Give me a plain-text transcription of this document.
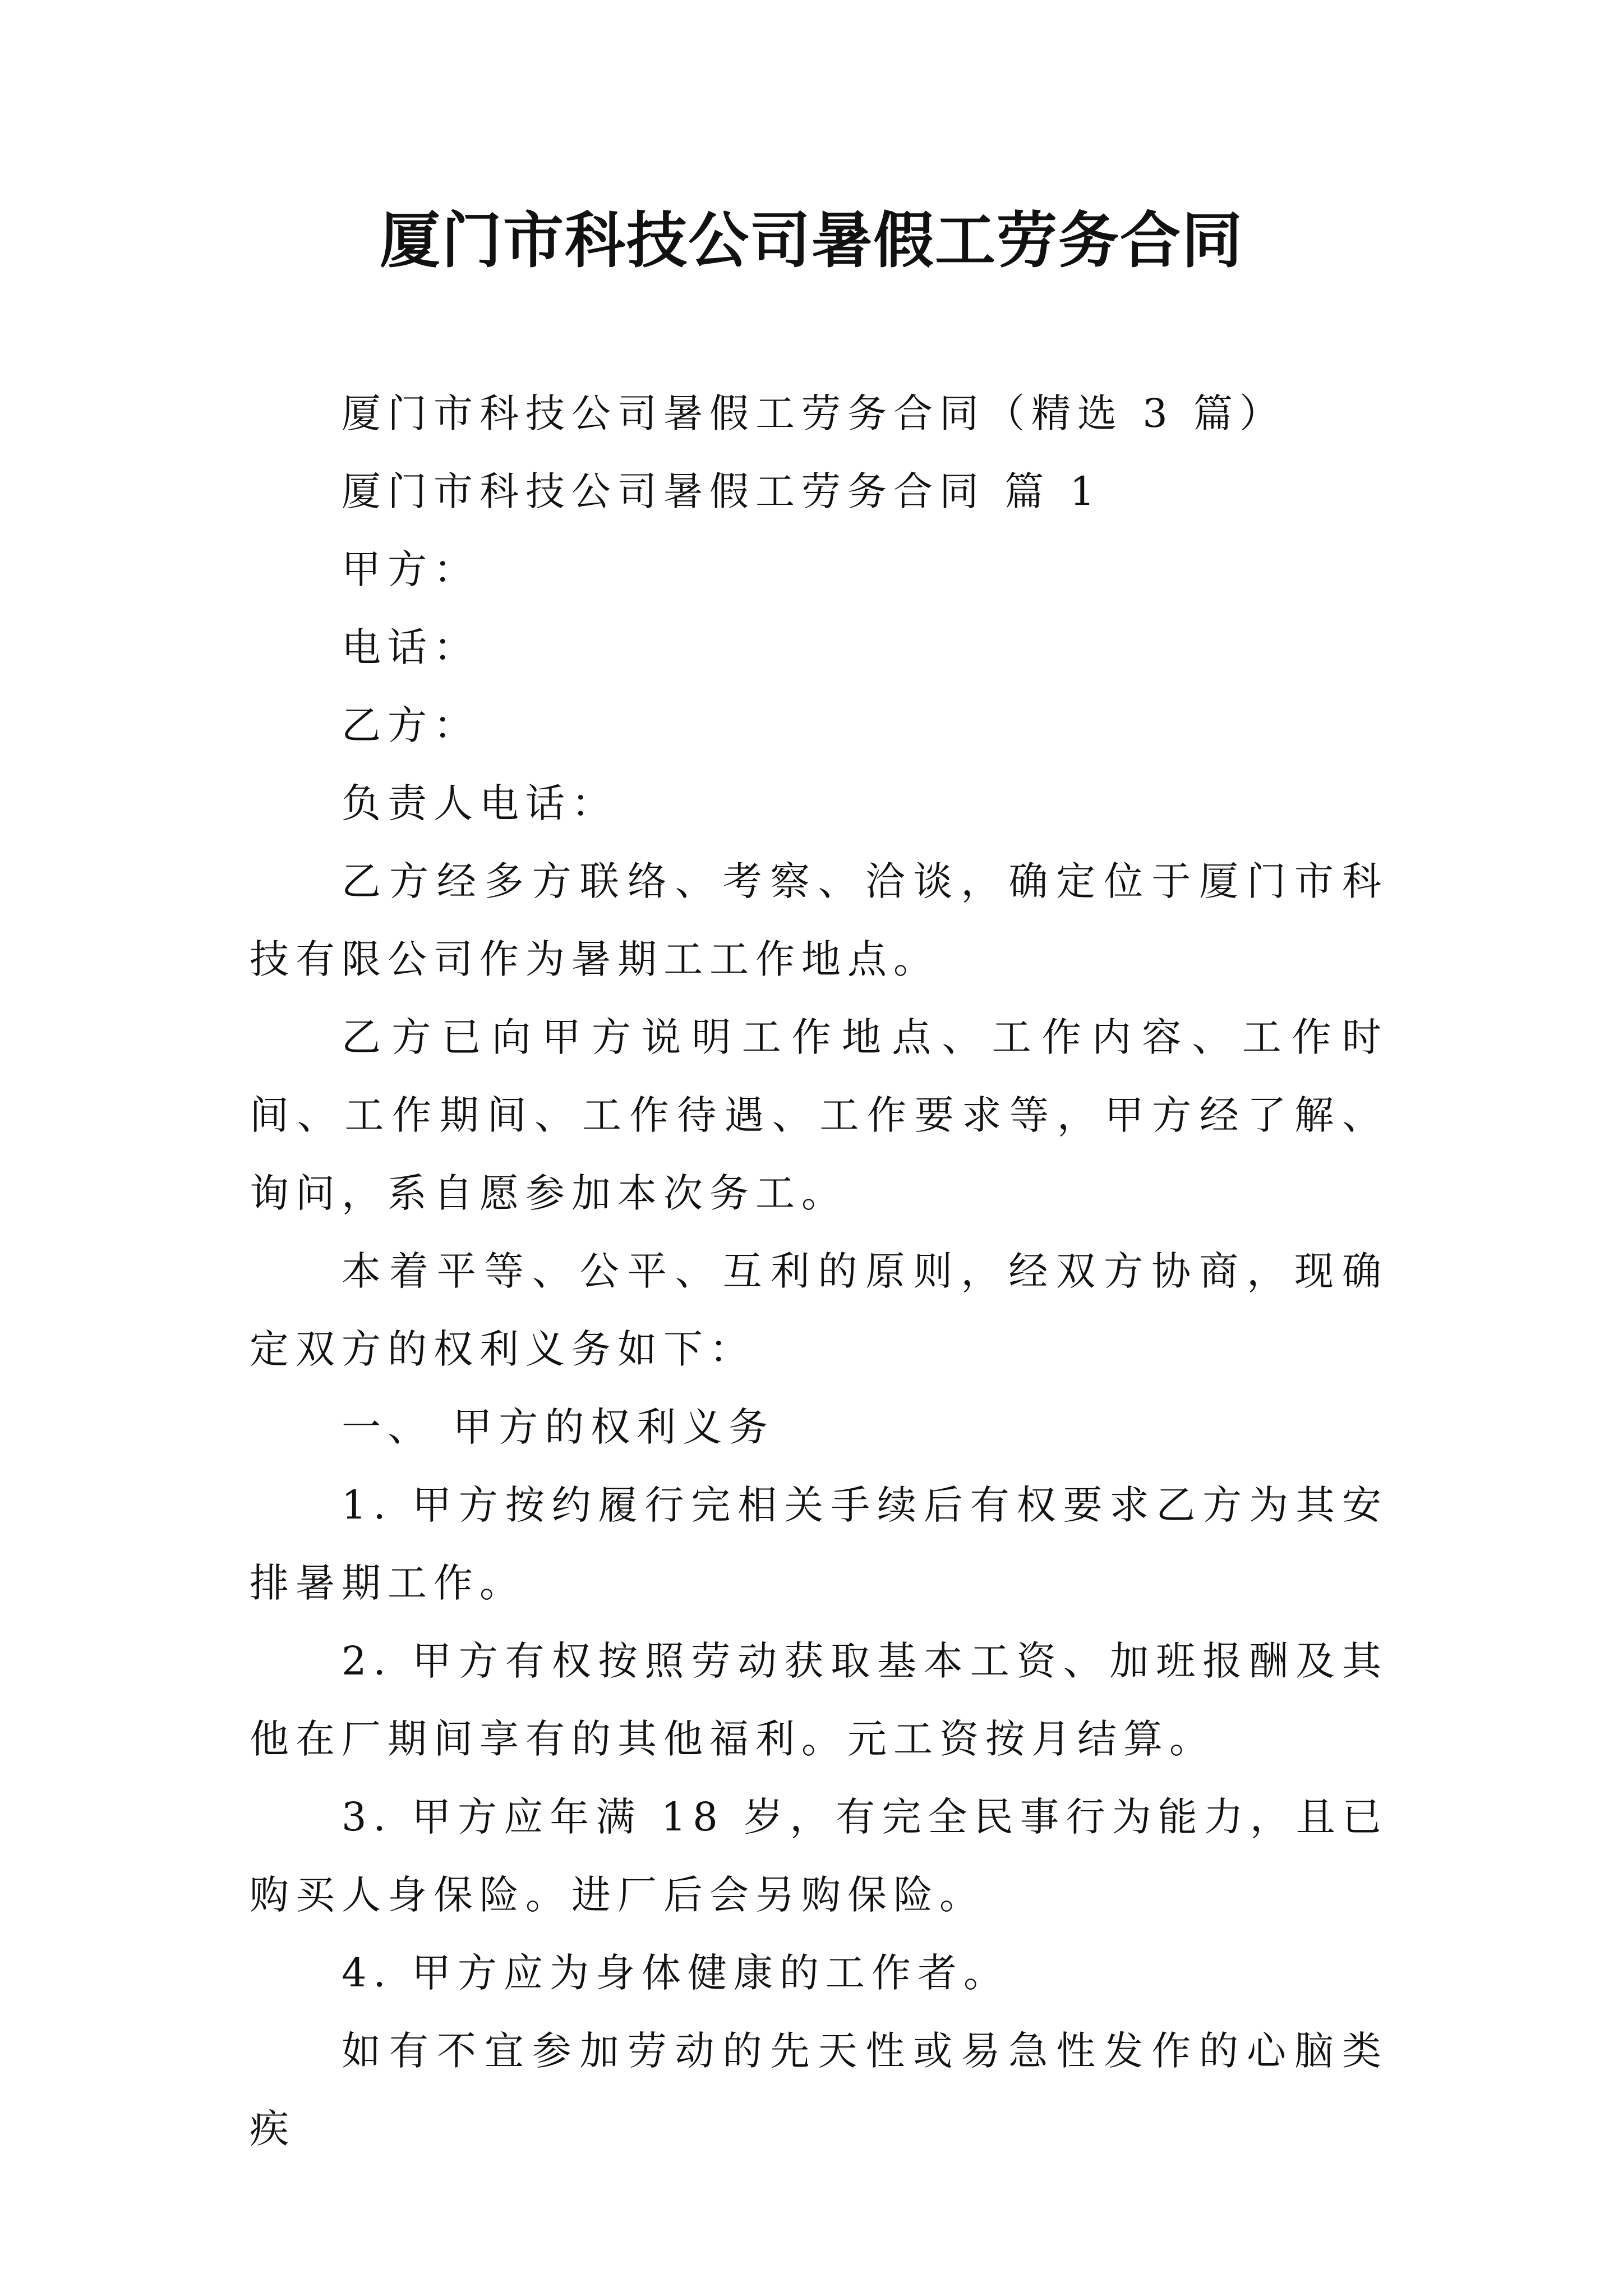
厦门市科技公司暑假工劳务合同

厦门市科技公司暑假工劳务合同（精选 3 篇）

厦门市科技公司暑假工劳务合同 篇 1

甲方：

电话：

乙方：

负责人电话：

乙方经多方联络、考察、洽谈，确定位于厦门市科技有限公司作为暑期工工作地点。

乙方已向甲方说明工作地点、工作内容、工作时间、工作期间、工作待遇、工作要求等，甲方经了解、询问，系自愿参加本次务工。

本着平等、公平、互利的原则，经双方协商，现确定双方的权利义务如下：

一、 甲方的权利义务

1. 甲方按约履行完相关手续后有权要求乙方为其安排暑期工作。

2. 甲方有权按照劳动获取基本工资、加班报酬及其他在厂期间享有的其他福利。元工资按月结算。

3. 甲方应年满 18 岁，有完全民事行为能力，且已购买人身保险。进厂后会另购保险。

4. 甲方应为身体健康的工作者。

如有不宜参加劳动的先天性或易急性发作的心脑类疾
